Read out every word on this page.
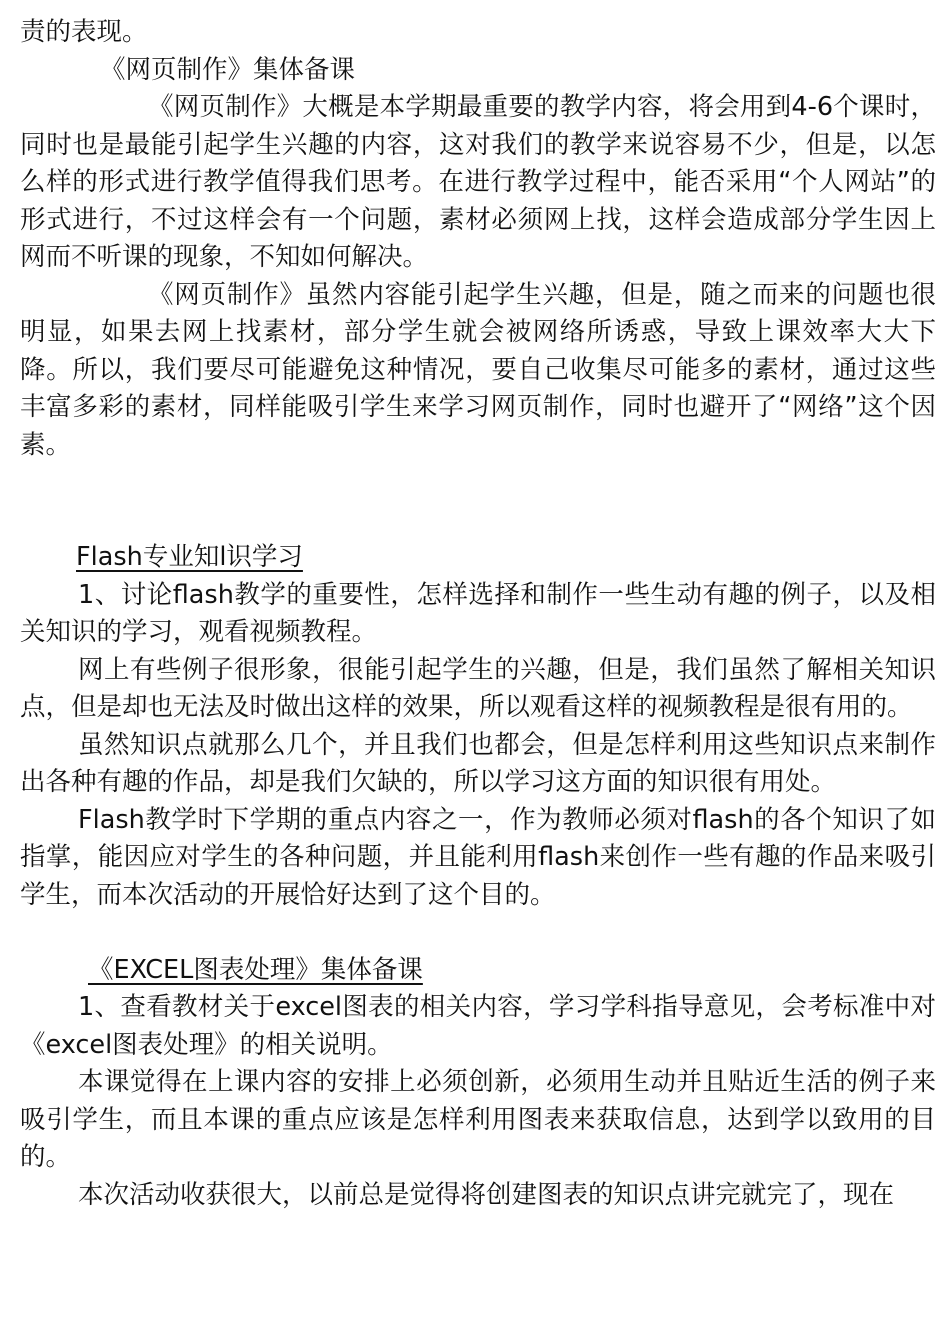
责的表现。
《网页制作》集体备课
《网页制作》大概是本学期最重要的教学内容，将会用到4-6个课时，同时也是最能引起学生兴趣的内容，这对我们的教学来说容易不少，但是，以怎么样的形式进行教学值得我们思考。在进行教学过程中，能否采用“个人网站”的形式进行，不过这样会有一个问题，素材必须网上找，这样会造成部分学生因上网而不听课的现象，不知如何解决。
《网页制作》虽然内容能引起学生兴趣，但是，随之而来的问题也很明显，如果去网上找素材，部分学生就会被网络所诱惑，导致上课效率大大下降。所以，我们要尽可能避免这种情况，要自己收集尽可能多的素材，通过这些丰富多彩的素材，同样能吸引学生来学习网页制作，同时也避开了“网络”这个因素。
Flash专业知l识学习
1、讨论flash教学的重要性，怎样选择和制作一些生动有趣的例子，以及相关知识的学习，观看视频教程。
网上有些例子很形象，很能引起学生的兴趣，但是，我们虽然了解相关知识点，但是却也无法及时做出这样的效果，所以观看这样的视频教程是很有用的。
虽然知识点就那么几个，并且我们也都会，但是怎样利用这些知识点来制作出各种有趣的作品，却是我们欠缺的，所以学习这方面的知识很有用处。
Flash教学时下学期的重点内容之一，作为教师必须对flash的各个知识了如指掌，能因应对学生的各种问题，并且能利用flash来创作一些有趣的作品来吸引学生，而本次活动的开展恰好达到了这个目的。
《EXCEL图表处理》集体备课
1、查看教材关于excel图表的相关内容，学习学科指导意见，会考标准中对《excel图表处理》的相关说明。
本课觉得在上课内容的安排上必须创新，必须用生动并且贴近生活的例子来吸引学生，而且本课的重点应该是怎样利用图表来获取信息，达到学以致用的目的。
本次活动收获很大，以前总是觉得将创建图表的知识点讲完就完了，现在
